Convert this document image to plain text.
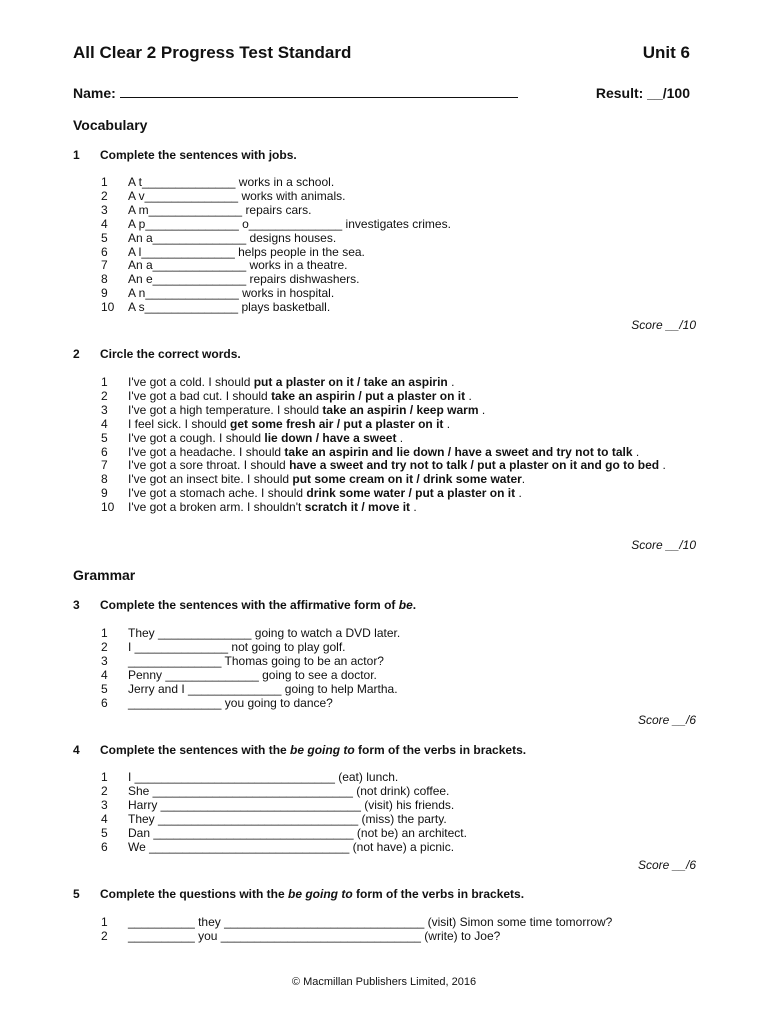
All Clear 2 Progress Test Standard	Unit 6
Name:	Result: __/100
Vocabulary
1	Complete the sentences with jobs.
1	A t______________ works in a school.
2	A v______________ works with animals.
3	A m______________ repairs cars.
4	A p______________ o______________ investigates crimes.
5	An a______________ designs houses.
6	A l______________ helps people in the sea.
7	An a______________ works in a theatre.
8	An e______________ repairs dishwashers.
9	A n______________ works in hospital.
10	A s______________ plays basketball.
Score __/10
2	Circle the correct words.
1	I've got a cold. I should put a plaster on it / take an aspirin .
2	I've got a bad cut. I should take an aspirin / put a plaster on it .
3	I've got a high temperature. I should take an aspirin / keep warm .
4	I feel sick. I should get some fresh air / put a plaster on it .
5	I've got a cough. I should lie down / have a sweet .
6	I've got a headache. I should take an aspirin and lie down / have a sweet and try not to talk .
7	I've got a sore throat. I should have a sweet and try not to talk / put a plaster on it and go to bed .
8	I've got an insect bite. I should put some cream on it / drink some water.
9	I've got a stomach ache. I should drink some water / put a plaster on it .
10	I've got a broken arm. I shouldn't scratch it / move it .
Score __/10
Grammar
3	Complete the sentences with the affirmative form of be.
1	They ______________ going to watch a DVD later.
2	I ______________ not going to play golf.
3	______________ Thomas going to be an actor?
4	Penny ______________ going to see a doctor.
5	Jerry and I ______________ going to help Martha.
6	______________ you going to dance?
Score __/6
4	Complete the sentences with the be going to form of the verbs in brackets.
1	I ______________________________ (eat) lunch.
2	She ______________________________ (not drink) coffee.
3	Harry ______________________________ (visit) his friends.
4	They ______________________________ (miss) the party.
5	Dan ______________________________ (not be) an architect.
6	We ______________________________ (not have) a picnic.
Score __/6
5	Complete the questions with the be going to form of the verbs in brackets.
1	__________ they ______________________________ (visit) Simon some time tomorrow?
2	__________ you ______________________________ (write) to Joe?
© Macmillan Publishers Limited, 2016
